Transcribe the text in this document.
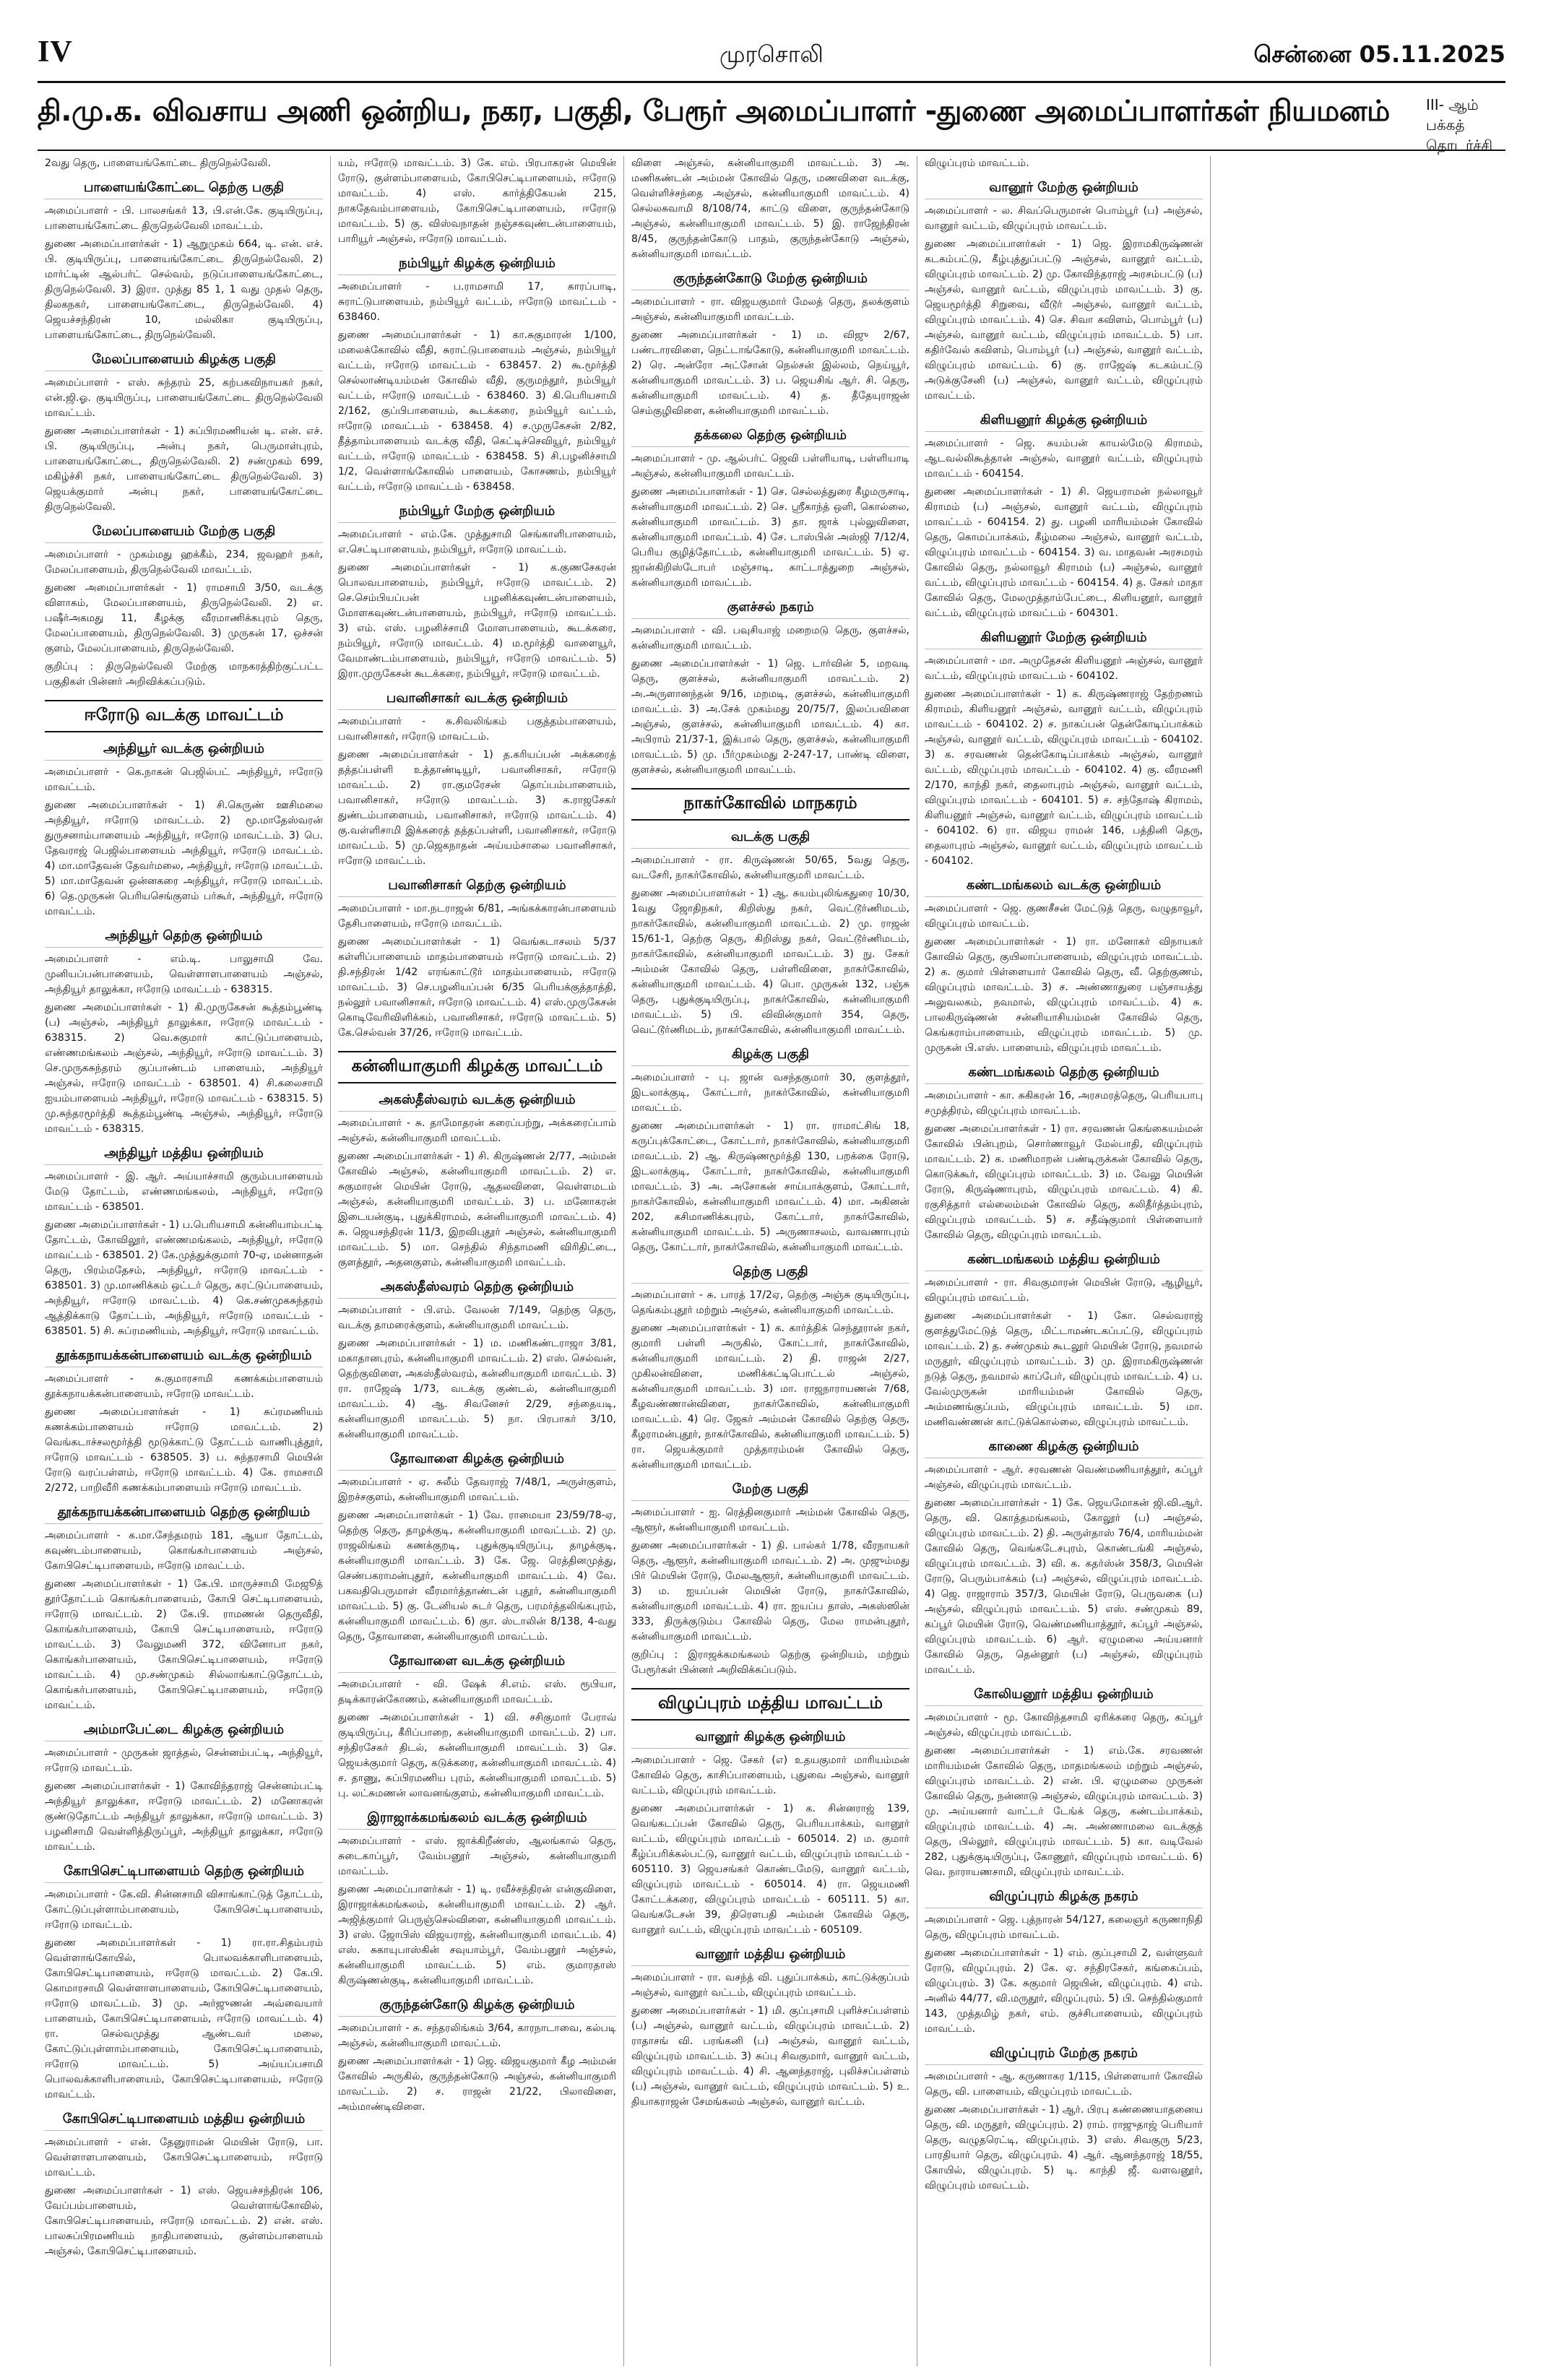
IV	முரசொலி	சென்னை 05.11.2025
தி.மு.க. விவசாய அணி ஒன்றிய, நகர, பகுதி, பேரூர் அமைப்பாளர் -துணை அமைப்பாளர்கள் நியமனம்	III- ஆம் பக்கத் தொடர்ச்சி
2வது தெரு, பாளையங்கோட்டை திருநெல்வேலி.
பாளையங்கோட்டை தெற்கு பகுதி
அமைப்பாளர் - பி. பாலசங்கர் 13, பி.என்.கே. குடியிருப்பு, பாளையங்கோட்டை திருநெல்வேலி மாவட்டம்.
துணை அமைப்பாளர்கள் - 1) ஆறுமுகம் 664, டி. என். எச். பி. குடியிருப்பு, பாளையங்கோட்டை திருநெல்வேலி. 2) மார்ட்டின் ஆல்பர்ட் செல்வம், நடுப்பாளையங்கோட்டை, திருநெல்வேலி. 3) இரா. முத்து 85 1, 1 வது முதல் தெரு, திலகநகர், பாளையங்கோட்டை, திருநெல்வேலி. 4) ஜெயச்சந்திரன் 10, மல்லிகா குடியிருப்பு, பாளையங்கோட்டை, திருநெல்வேலி.
மேலப்பாளையம் கிழக்கு பகுதி
அமைப்பாளர் - எஸ். சுந்தரம் 25, கற்பகவிநாயகர் நகர், என்.ஜி.ஓ. குடியிருப்பு, பாளையங்கோட்டை திருநெல்வேலி மாவட்டம்.
துணை அமைப்பாளர்கள் - 1) சுப்பிரமணியன் டி. என். எச். பி. குடியிருப்பு, அன்பு நகர், பெருமாள்புரம், பாளையங்கோட்டை, திருநெல்வேலி. 2) சண்முகம் 699, மகிழ்ச்சி நகர், பாளையங்கோட்டை திருநெல்வேலி. 3) ஜெயக்குமார் அன்பு நகர், பாளையங்கோட்டை திருநெல்வேலி.
மேலப்பாளையம் மேற்கு பகுதி
அமைப்பாளர் - முகம்மது ஹக்கீம், 234, ஜவஹர் நகர், மேலப்பாளையம், திருநெல்வேலி மாவட்டம்.
துணை அமைப்பாளர்கள் - 1) ராமசாமி 3/50, வடக்கு விளாகம், மேலப்பாளையம், திருநெல்வேலி. 2) எ. பஷீர்அகமது 11, கீழக்கு வீரமாணிக்கபுரம் தெரு, மேலப்பாளையம், திருநெல்வேலி. 3) முருகன் 17, ஒச்சன் குளம், மேலப்பாளையம், திருநெல்வேலி.
குறிப்பு : திருநெல்வேலி மேற்கு மாநகரத்திற்குட்பட்ட பகுதிகள் பின்னர் அறிவிக்கப்படும்.
ஈரோடு வடக்கு மாவட்டம்
அந்தியூர் வடக்கு ஒன்றியம்
அமைப்பாளர் - கெ.நாகன் பெஜில்பட் அந்தியூர், ஈரோடு மாவட்டம்.
துணை அமைப்பாளர்கள் - 1) சி.கெருண் ஊசிமலை அந்தியூர், ஈரோடு மாவட்டம். 2) மூ.மாதேஸ்வரன் துருசனாம்பாளையம் அந்தியூர், ஈரோடு மாவட்டம். 3) பெ. தேவராஜ் பெஜில்பாளையம் அந்தியூர், ஈரோடு மாவட்டம். 4) மா.மாதேவன் தேவர்மலை, அந்தியூர், ஈரோடு மாவட்டம். 5) மா.மாதேவன் ஒன்னகரை அந்தியூர், ஈரோடு மாவட்டம். 6) தெ.முருகன் பெரியசெங்குளம் பர்கூர், அந்தியூர், ஈரோடு மாவட்டம்.
அந்தியூர் தெற்கு ஒன்றியம்
அமைப்பாளர் - எம்.டி. பாலுசாமி வே. முனியப்பன்பாளையம், வெள்ளாளபாளையம் அஞ்சல், அந்தியூர் தாலுக்கா, ஈரோடு மாவட்டம் - 638315.
துணை அமைப்பாளர்கள் - 1) கி.முருகேசன் கூத்தம்பூண்டி (ப) அஞ்சல், அந்தியூர் தாலுக்கா, ஈரோடு மாவட்டம் - 638315. 2) வெ.சுகுமார் காட்டுப்பாளையம், எண்ணமங்கலம் அஞ்சல், அந்தியூர், ஈரோடு மாவட்டம். 3) செ.முருகசுந்தரம் குப்பாண்டம் பாளையம், அந்தியூர் அஞ்சல், ஈரோடு மாவட்டம் - 638501. 4) சி.கலைசாமி ஐயம்பாளையம் அந்தியூர், ஈரோடு மாவட்டம் - 638315. 5) மு.சுந்தரமூர்த்தி கூத்தம்பூண்டி அஞ்சல், அந்தியூர், ஈரோடு மாவட்டம் - 638315.
அந்தியூர் மத்திய ஒன்றியம்
அமைப்பாளர் - இ. ஆர். அய்யாச்சாமி குரும்பபாளையம் மேடு தோட்டம், எண்ணமங்கலம், அந்தியூர், ஈரோடு மாவட்டம் - 638501.
துணை அமைப்பாளர்கள் - 1) ப.பெரியசாமி கன்னியாம்பட்டி தோட்டம், கோவிலூர், எண்ணமங்கலம், அந்தியூர், ஈரோடு மாவட்டம் - 638501. 2) கே.முத்துக்குமார் 70-ஏ, மன்னாதன் தெரு, பிரம்மதேசம், அந்தியூர், ஈரோடு மாவட்டம் - 638501. 3) மு.மாணிக்கம் ஒட்டர் தெரு, கரட்டுப்பாளையம், அந்தியூர், ஈரோடு மாவட்டம். 4) கெ.சண்முகசுந்தரம் ஆத்திக்காடு தோட்டம், அந்தியூர், ஈரோடு மாவட்டம் - 638501. 5) சி. சுப்ரமணியம், அந்தியூர், ஈரோடு மாவட்டம்.
தூக்கநாயக்கன்பாளையம் வடக்கு ஒன்றியம்
அமைப்பாளர் - சு.குமாரசாமி கணக்கம்பாளையம் தூக்கநாயக்கன்பாளையம், ஈரோடு மாவட்டம்.
துணை அமைப்பாளர்கள் - 1) சுப்ரமணியம் கணக்கம்பாளையம் ஈரோடு மாவட்டம். 2) வெங்கடாச்சலமூர்த்தி மூடுக்காட்டு தோட்டம் வாணிபுத்தூர், ஈரோடு மாவட்டம் - 638505. 3) ப. சுந்தரசாமி மெயின் ரோடு வரப்பள்ளம், ஈரோடு மாவட்டம். 4) கே. ராமசாமி 2/272, பாறிவீரி கணக்கம்பாளையம் ஈரோடு மாவட்டம்.
தூக்கநாயக்கன்பாளையம் தெற்கு ஒன்றியம்
அமைப்பாளர் - க.மா.சேந்தமரம் 181, ஆயா தோட்டம், கவுண்டம்பாளையம், கொங்கர்பாளையம் அஞ்சல், கோபிசெட்டிபாளையம், ஈரோடு மாவட்டம்.
துணை அமைப்பாளர்கள் - 1) கே.பி. மாருச்சாமி மேஜூத் தூர்தோட்டம் கொங்கர்பாளையம், கோபி செட்டிபாளையம், ஈரோடு மாவட்டம். 2) கே.பி. ராமணன் தெருவீதி, கொங்கர்பாளையம், கோபி செட்டிபாளையம், ஈரோடு மாவட்டம். 3) வேலுமணி 372, வினோபா நகர், கொங்கர்பாளையம், கோபிசெட்டிபாளையம், ஈரோடு மாவட்டம். 4) மு.சண்முகம் சில்லாங்காட்டுதோட்டம், கொங்கர்பாளையம், கோபிசெட்டிபாளையம், ஈரோடு மாவட்டம்.
அம்மாபேட்டை கிழக்கு ஒன்றியம்
அமைப்பாளர் - முருகன் ஜாத்தல், சென்னம்பட்டி, அந்தியூர், ஈரோடு மாவட்டம்.
துணை அமைப்பாளர்கள் - 1) கோவிந்தராஜ் சென்னம்பட்டி அந்தியூர் தாலுக்கா, ஈரோடு மாவட்டம். 2) மனோகரன் குண்டுதோட்டம் அந்தியூர் தாலுக்கா, ஈரோடு மாவட்டம். 3) பழனிசாமி வெள்ளித்திருப்பூர், அந்தியூர் தாலுக்கா, ஈரோடு மாவட்டம்.
கோபிசெட்டிபாளையம் தெற்கு ஒன்றியம்
அமைப்பாளர் - கே.வி. சின்னசாமி விசாங்காட்டுத் தோட்டம், கோட்டுப்புள்ளாம்பாளையம், கோபிசெட்டிபாளையம், ஈரோடு மாவட்டம்.
துணை அமைப்பாளர்கள் - 1) ரா.ரா.சிதம்பரம் வெள்ளாங்கோயில், பொலவக்காளிபாளையம், கோபிசெட்டிபாளையம், ஈரோடு மாவட்டம். 2) கே.பி. கொமாரசாமி வெள்ளாளபாளையம், கோபிசெட்டிபாளையம், ஈரோடு மாவட்டம். 3) மு. அர்ஜுணன் அவ்வையார் பாளையம், கோபிசெட்டிபாளையம், ஈரோடு மாவட்டம். 4) ரா. செல்வமுத்து ஆண்டவர் மலை, கோட்டுப்புள்ளாம்பாளையம், கோபிசெட்டிபாளையம், ஈரோடு மாவட்டம். 5) அய்யப்பசாமி பொலவக்காளிபாளையம், கோபிசெட்டிபாளையம், ஈரோடு மாவட்டம்.
கோபிசெட்டிபாளையம் மத்திய ஒன்றியம்
அமைப்பாளர் - என். தேனுராமன் மெயின் ரோடு, பா. வெள்ளாளபாளையம், கோபிசெட்டிபாளையம், ஈரோடு மாவட்டம்.
துணை அமைப்பாளர்கள் - 1) எஸ். ஜெயச்சந்திரன் 106, வேப்பம்பாளையம், வெள்ளாங்கோவில், கோபிசெட்டிபாளையம், ஈரோடு மாவட்டம். 2) என். எஸ். பாலசுப்பிரமணியம் நாதிபாளையம், குள்ளம்பாளையம் அஞ்சல், கோபிசெட்டிபாளையம்.
யம், ஈரோடு மாவட்டம். 3) கே. எம். பிரபாகரன் மெயின் ரோடு, குள்ளம்பாளையம், கோபிசெட்டிபாளையம், ஈரோடு மாவட்டம். 4) எஸ். கார்த்திகேயன் 215, நாகதேவம்பாளையம், கோபிசெட்டிபாளையம், ஈரோடு மாவட்டம். 5) கு. விஸ்வநாதன் நஞ்சகவுண்டன்பாளையம், பாரியூர் அஞ்சல், ஈரோடு மாவட்டம்.
நம்பியூர் கிழக்கு ஒன்றியம்
அமைப்பாளர் - ப.ராமசாமி 17, காரப்பாடி, சுராட்டுபாளையம், நம்பியூர் வட்டம், ஈரோடு மாவட்டம் - 638460.
துணை அமைப்பாளர்கள் - 1) கா.சுகுமாரன் 1/100, மலைக்கோவில் வீதி, சுராட்டுபாளையம் அஞ்சல், நம்பியூர் வட்டம், ஈரோடு மாவட்டம் - 638457. 2) கூ.மூர்த்தி செல்லாண்டியம்மன் கோவில் வீதி, குருமந்தூர், நம்பியூர் வட்டம், ஈரோடு மாவட்டம் - 638460. 3) கி.பெரியசாமி 2/162, குப்பிபாளையம், கூடக்கரை, நம்பியூர் வட்டம், ஈரோடு மாவட்டம் - 638458. 4) ச.முருகேசன் 2/82, தீத்தாம்பாளையம் வடக்கு வீதி, கெட்டிச்செவியூர், நம்பியூர் வட்டம், ஈரோடு மாவட்டம் - 638458. 5) சி.பழனிச்சாமி 1/2, வெள்ளாங்கோவில் பாளையம், கோசணம், நம்பியூர் வட்டம், ஈரோடு மாவட்டம் - 638458.
நம்பியூர் மேற்கு ஒன்றியம்
அமைப்பாளர் - எம்.கே. முத்துசாமி செங்காளிபாளையம், எ.செட்டிபாளையம், நம்பியூர், ஈரோடு மாவட்டம்.
துணை அமைப்பாளர்கள் - 1) க.குணசேகரன் பொலவபாளையம், நம்பியூர், ஈரோடு மாவட்டம். 2) செ.செம்பியப்பன் பழனிக்கவுண்டன்பாளையம், மோளகவுண்டன்பாளையம், நம்பியூர், ஈரோடு மாவட்டம். 3) எம். எஸ். பழனிச்சாமி மோளபாளையம், கூடக்கரை, நம்பியூர், ஈரோடு மாவட்டம். 4) ம.மூர்த்தி வாளையூர், வேமாண்டம்பாளையம், நம்பியூர், ஈரோடு மாவட்டம். 5) இரா.முருகேசன் கூடக்கரை, நம்பியூர், ஈரோடு மாவட்டம்.
பவானிசாகர் வடக்கு ஒன்றியம்
அமைப்பாளர் - சு.சிவலிங்கம் பகுத்தம்பாளையம், பவானிசாகர், ஈரோடு மாவட்டம்.
துணை அமைப்பாளர்கள் - 1) த.கரியப்பன் அக்கரைத் தத்தப்பள்ளி உத்தாண்டியூர், பவானிசாகர், ஈரோடு மாவட்டம். 2) ரா.குமரேசன் தொப்பம்பாளையம், பவானிசாகர், ஈரோடு மாவட்டம். 3) க.ராஜசேகர் துண்டம்பாளையம், பவானிசாகர், ஈரோடு மாவட்டம். 4) கு.வள்ளிசாமி இக்கரைத் தத்தப்பள்ளி, பவானிசாகர், ஈரோடு மாவட்டம். 5) மு.ஜெகநாதன் அய்யம்சாலை பவானிசாகர், ஈரோடு மாவட்டம்.
பவானிசாகர் தெற்கு ஒன்றியம்
அமைப்பாளர் - மா.நடராஜன் 6/81, அங்கக்காரன்பாளையம் தேசிபாளையம், ஈரோடு மாவட்டம்.
துணை அமைப்பாளர்கள் - 1) வெங்கடாசலம் 5/37 கள்ளிப்பாளையம் மாதம்பாளையம் ஈரோடு மாவட்டம். 2) தி.சந்திரன் 1/42 எரங்காட்டூர் மாதம்பாளையம், ஈரோடு மாவட்டம். 3) செ.பழனியப்பன் 6/35 பெரியக்குத்தாத்தி, நல்லூர் பவானிசாகர், ஈரோடு மாவட்டம். 4) எஸ்.முருகேசன் கொடிவேரிவிளிக்கம், பவானிசாகர், ஈரோடு மாவட்டம். 5) கே.செல்வன் 37/26, ஈரோடு மாவட்டம்.
கன்னியாகுமரி கிழக்கு மாவட்டம்
அகஸ்தீஸ்வரம் வடக்கு ஒன்றியம்
அமைப்பாளர் - சு. தாமோதரன் கரைப்பற்று, அக்கரைப்பாம் அஞ்சல், கன்னியாகுமரி மாவட்டம்.
துணை அமைப்பாளர்கள் - 1) சி. கிருஷ்ணன் 2/77, அம்மன் கோவில் அஞ்சல், கன்னியாகுமரி மாவட்டம். 2) எ. சுகுமாரன் மெயின் ரோடு, ஆதலவிளை, வெள்ளமடம் அஞ்சல், கன்னியாகுமரி மாவட்டம். 3) ப. மனோகரன் இடையன்குடி, புதுக்கிராமம், கன்னியாகுமரி மாவட்டம். 4) சு. ஜெயசந்திரன் 11/3, இறவிபுதூர் அஞ்சல், கன்னியாகுமரி மாவட்டம். 5) மா. செந்தில் சிந்தாமணி விரிதிட்டை, குளத்தூர், அதனகுளம், கன்னியாகுமரி மாவட்டம்.
அகஸ்தீஸ்வரம் தெற்கு ஒன்றியம்
அமைப்பாளர் - பி.எம். வேலன் 7/149, தெற்கு தெரு, வடக்கு தாமரைக்குளம், கன்னியாகுமரி மாவட்டம்.
துணை அமைப்பாளர்கள் - 1) ம. மணிகண்டராஜா 3/81, மகாதானபுரம், கன்னியாகுமரி மாவட்டம். 2) எஸ். செல்வன், தெற்குவிளை, அகஸ்தீஸ்வரம், கன்னியாகுமரி மாவட்டம். 3) ரா. ராஜேஷ் 1/73, வடக்கு குண்டல், கன்னியாகுமரி மாவட்டம். 4) ஆ. சிவனேசர் 2/29, சந்தையடி, கன்னியாகுமரி மாவட்டம். 5) நா. பிரபாகர் 3/10, கன்னியாகுமரி மாவட்டம்.
தோவாளை கிழக்கு ஒன்றியம்
அமைப்பாளர் - ஏ. சுலீம் தேவராஜ் 7/48/1, அருள்குளம், இறச்சகுளம், கன்னியாகுமரி மாவட்டம்.
துணை அமைப்பாளர்கள் - 1) வே. ராமையா 23/59/78-ஏ, தெற்கு தெரு, தாழக்குடி, கன்னியாகுமரி மாவட்டம். 2) மு. ராஜலிங்கம் கணக்குறடி, புதுக்குடியிருப்பு, தாழக்குடி, கன்னியாகுமரி மாவட்டம். 3) கே. ஜே. ரெத்தினமுத்து, செண்பகராமன்புதூர், கன்னியாகுமரி மாவட்டம். 4) வே. பகவதிபெருமாள் வீரமார்த்தாண்டன் புதூர், கன்னியாகுமரி மாவட்டம். 5) கு. டேனியல் சுடர் தெரு, பரமர்த்தலிங்கபுரம், கன்னியாகுமரி மாவட்டம். 6) குா. ஸ்டாலின் 8/138, 4-வது தெரு, தோவாளை, கன்னியாகுமரி மாவட்டம்.
தோவாளை வடக்கு ஒன்றியம்
அமைப்பாளர் - வி. ஷேக் சி.எம். எஸ். ரூபியா, தடிக்காரன்கோணம், கன்னியாகுமரி மாவட்டம்.
துணை அமைப்பாளர்கள் - 1) வி. சசிகுமார் பேராவ் குடியிருப்பு, கீரிப்பாறை, கன்னியாகுமரி மாவட்டம். 2) பா. சந்திரசேகர் திடல், கன்னியாகுமரி மாவட்டம். 3) செ. ஜெயக்குமார் தெரு, கடுக்கரை, கன்னியாகுமரி மாவட்டம். 4) ச. தாணு, சுப்பிரமணிய புரம், கன்னியாகுமரி மாவட்டம். 5) பு. லட்சுமணன் லாவனங்குளம், கன்னியாகுமரி மாவட்டம்.
இராஜாக்கமங்கலம் வடக்கு ஒன்றியம்
அமைப்பாளர் - எஸ். ஜாக்கிறீண்ஸ், ஆலங்கால் தெரு, சுடைகாப்பூர், வேம்பனூர் அஞ்சல், கன்னியாகுமரி மாவட்டம்.
துணை அமைப்பாளர்கள் - 1) டி. ரவீச்சந்திரன் என்குவிளை, இராஜாக்கமங்கலம், கன்னியாகுமரி மாவட்டம். 2) ஆர். அஜித்குமார் பெருஞ்செல்விளை, கன்னியாகுமரி மாவட்டம். 3) எஸ். ஜோபிஸ் விஜயராஜ், கன்னியாகுமரி மாவட்டம். 4) எஸ். சுகாயுபாஸ்கின் சவுயாம்பூர், வேம்பனூர் அஞ்சல், கன்னியாகுமரி மாவட்டம். 5) எம். குமாரதாஸ் கிருஷ்ணன்குடி, கன்னியாகுமரி மாவட்டம்.
குருந்தன்கோடு கிழக்கு ஒன்றியம்
அமைப்பாளர் - சு. சந்தரலிங்கம் 3/64, காரநாடாவை, கல்படி அஞ்சல், கன்னியாகுமரி மாவட்டம்.
துணை அமைப்பாளர்கள் - 1) ஜெ. விஜயகுமார் கீழ அம்மன் கோவில் அருகில், குருந்தன்கோடு அஞ்சல், கன்னியாகுமரி மாவட்டம். 2) ச. ராஜன் 21/22, பிலாவிளை, அம்மாண்டிவிளை.
விளை அஞ்சல், கன்னியாகுமரி மாவட்டம். 3) அ. மணிகண்டன் அம்மன் கோவில் தெரு, மணவிளை வடக்கு, வெள்ளிச்சந்தை அஞ்சல், கன்னியாகுமரி மாவட்டம். 4) செல்லசுவாமி 8/108/74, காட்டு விளை, குருந்தன்கோடு அஞ்சல், கன்னியாகுமரி மாவட்டம். 5) இ. ராஜேந்திரன் 8/45, குருந்தன்கோடு பாதம், குருந்தன்கோடு அஞ்சல், கன்னியாகுமரி மாவட்டம்.
குருந்தன்கோடு மேற்கு ஒன்றியம்
அமைப்பாளர் - ரா. விஜயகுமார் மேலத் தெரு, தலக்குளம் அஞ்சல், கன்னியாகுமரி மாவட்டம்.
துணை அமைப்பாளர்கள் - 1) ம. விஜு 2/67, பண்டாரவிளை, நெட்டாங்கோடு, கன்னியாகுமரி மாவட்டம். 2) ரெ. அன்ரோ அட்சோன் நெல்சன் இல்லம், நெய்யூர், கன்னியாகுமரி மாவட்டம். 3) ப. ஜெயசிங் ஆர். சி. தெரு, கன்னியாகுமரி மாவட்டம். 4) த. தீதேயுராஜன் செம்குழிவிளை, கன்னியாகுமரி மாவட்டம்.
தக்கலை தெற்கு ஒன்றியம்
அமைப்பாளர் - மு. ஆல்பர்ட் ஜெவி பள்ளியாடி, பள்ளியாடி அஞ்சல், கன்னியாகுமரி மாவட்டம்.
துணை அமைப்பாளர்கள் - 1) செ. செல்லத்துரை கீழமருசாடி, கன்னியாகுமரி மாவட்டம். 2) செ. ஸ்ரீகாந்த் ஒளி, கொல்லை, கன்னியாகுமரி மாவட்டம். 3) தா. ஜாக் புல்லுவிளை, கன்னியாகுமரி மாவட்டம். 4) சே. டாஸ்பின் அஸ்ஜி 7/12/4, பெரிய குழித்தோட்டம், கன்னியாகுமரி மாவட்டம். 5) ஏ. ஜான்கிறிஸ்டோபர் மஞ்சாடி, காட்டாத்துறை அஞ்சல், கன்னியாகுமரி மாவட்டம்.
குளச்சல் நகரம்
அமைப்பாளர் - வி. பவுசியாஜ் மறைமடு தெரு, குளச்சல், கன்னியாகுமரி மாவட்டம்.
துணை அமைப்பாளர்கள் - 1) ஜெ. டார்வின் 5, மறவடி தெரு, குளச்சல், கன்னியாகுமரி மாவட்டம். 2) அ.அருளானந்தன் 9/16, மறமடி, குளச்சல், கன்னியாகுமரி மாவட்டம். 3) அ.சேக் முகம்மது 20/75/7, இலப்பவிளை அஞ்சல், குளச்சல், கன்னியாகுமரி மாவட்டம். 4) கா. அபிராம் 21/37-1, இக்பால் தெரு, குளச்சல், கன்னியாகுமரி மாவட்டம். 5) மு. பீர்முகம்மது 2-247-17, பாண்டி விளை, குளச்சல், கன்னியாகுமரி மாவட்டம்.
நாகர்கோவில் மாநகரம்
வடக்கு பகுதி
அமைப்பாளர் - ரா. கிருஷ்ணன் 50/65, 5வது தெரு, வடசேரி, நாகர்கோவில், கன்னியாகுமரி மாவட்டம்.
துணை அமைப்பாளர்கள் - 1) ஆ. சுயம்புலிங்கதுரை 10/30, 1வது ஜோதிநகர், கிறிஸ்து நகர், வெட்டூர்ணிமடம், நாகர்கோவில், கன்னியாகுமரி மாவட்டம். 2) மு. ராஜன் 15/61-1, தெற்கு தெரு, கிறிஸ்து நகர், வெட்டூர்ணிமடம், நாகர்கோவில், கன்னியாகுமரி மாவட்டம். 3) நு. சேகர் அம்மன் கோவில் தெரு, பள்ளிவிளை, நாகர்கோவில், கன்னியாகுமரி மாவட்டம். 4) பொ. முருகன் 132, பஞ்சு தெரு, புதுக்குடியிருப்பு, நாகர்கோவில், கன்னியாகுமரி மாவட்டம். 5) பி. விவின்குமார் 354, தெரு, வெட்டூர்ணிமடம், நாகர்கோவில், கன்னியாகுமரி மாவட்டம்.
கிழக்கு பகுதி
அமைப்பாளர் - பு. ஜான் வசந்தகுமார் 30, குளத்தூர், இடலாக்குடி, கோட்டார், நாகர்கோவில், கன்னியாகுமரி மாவட்டம்.
துணை அமைப்பாளர்கள் - 1) ரா. ராமாட்சிங் 18, கருப்புக்கோட்டை, கோட்டார், நாகர்கோவில், கன்னியாகுமரி மாவட்டம். 2) ஆ. கிருஷ்ணமூர்த்தி 130, பறக்கை ரோடு, இடலாக்குடி, கோட்டார், நாகர்கோவில், கன்னியாகுமரி மாவட்டம். 3) அ. அசோகன் சாய்பாக்குளம், கோட்டார், நாகர்கோவில், கன்னியாகுமரி மாவட்டம். 4) மா. அகினன் 202, கசிமாணிக்கபுரம், கோட்டார், நாகர்கோவில், கன்னியாகுமரி மாவட்டம். 5) அருணாசலம், வாவணாபுரம் தெரு, கோட்டார், நாகர்கோவில், கன்னியாகுமரி மாவட்டம்.
தெற்கு பகுதி
அமைப்பாளர் - சு. பாரத் 17/2ஏ, தெற்கு அஞ்சு குடியிருப்பு, தெங்கம்புதூர் மற்றும் அஞ்சல், கன்னியாகுமரி மாவட்டம்.
துணை அமைப்பாளர்கள் - 1) க. கார்த்திக் செந்தூரான் நகர், குமாரி பள்ளி அருகில், கோட்டார், நாகர்கோவில், கன்னியாகுமரி மாவட்டம். 2) தி. ராஜன் 2/27, முகிலன்விளை, மணிக்கட்டிபொட்டல் அஞ்சல், கன்னியாகுமரி மாவட்டம். 3) மா. ராஜநாராயணன் 7/68, கீழவண்ணான்விளை, நாகர்கோவில், கன்னியாகுமரி மாவட்டம். 4) ரெ. ஜேகர் அம்மன் கோவில் தெற்கு தெரு, கீழராமன்புதூர், நாகர்கோவில், கன்னியாகுமரி மாவட்டம். 5) ரா. ஜெயக்குமார் முத்தாரம்மன் கோவில் தெரு, கன்னியாகுமரி மாவட்டம்.
மேற்கு பகுதி
அமைப்பாளர் - ஐ. ரெத்தினகுமார் அம்மன் கோவில் தெரு, ஆளூர், கன்னியாகுமரி மாவட்டம்.
துணை அமைப்பாளர்கள் - 1) தி. பால்கர் 1/78, வீரநாயகர் தெரு, ஆளூர், கன்னியாகுமரி மாவட்டம். 2) அ. முஜும்மது பிர் மெயின் ரோடு, மேலஆளூர், கன்னியாகுமரி மாவட்டம். 3) ம. ஐயப்பன் மெயின் ரோடு, நாகர்கோவில், கன்னியாகுமரி மாவட்டம். 4) ரா. ஐயப்ப தாஸ், அகஸ்ஸின் 333, திருக்குடும்ப கோவில் தெரு, மேல ராமன்புதூர், கன்னியாகுமரி மாவட்டம்.
குறிப்பு : இராஜக்கமங்கலம் தெற்கு ஒன்றியம், மற்றும் பேரூர்கள் பின்னர் அறிவிக்கப்படும்.
விழுப்புரம் மத்திய மாவட்டம்
வானூர் கிழக்கு ஒன்றியம்
அமைப்பாளர் - ஜெ. சேகர் (எ) உதயகுமார் மாரியம்மன் கோவில் தெரு, காசிப்பாளையம், புதுவை அஞ்சல், வானூர் வட்டம், விழுப்புரம் மாவட்டம்.
துணை அமைப்பாளர்கள் - 1) க. சின்னராஜ் 139, வெங்கடப்பன் கோவில் தெரு, பெரியபாக்கம், வானூர் வட்டம், விழுப்புரம் மாவட்டம் - 605014. 2) ம. குமார் கீழ்ப்பரிக்கல்பட்டு, வானூர் வட்டம், விழுப்புரம் மாவட்டம் - 605110. 3) ஜெயசங்கர் கொண்டமேடு, வானூர் வட்டம், விழுப்புரம் மாவட்டம் - 605014. 4) ரா. ஜெயமணி கோட்டக்கரை, விழுப்புரம் மாவட்டம் - 605111. 5) கா. வெங்கடேசன் 39, திரௌபதி அம்மன் கோவில் தெரு, வானூர் வட்டம், விழுப்புரம் மாவட்டம் - 605109.
வானூர் மத்திய ஒன்றியம்
அமைப்பாளர் - ரா. வசந்த் வி. புதுப்பாக்கம், காட்டுக்குப்பம் அஞ்சல், வானூர் வட்டம், விழுப்புரம் மாவட்டம்.
துணை அமைப்பாளர்கள் - 1) மி. குப்புசாமி புளிச்சப்பள்ளம் (ப) அஞ்சல், வானூர் வட்டம், விழுப்புரம் மாவட்டம். 2) ராதாசங் வி. பரங்கனி (ப) அஞ்சல், வானூர் வட்டம், விழுப்புரம் மாவட்டம். 3) சுப்பு சிவகுமார், வானூர் வட்டம், விழுப்புரம் மாவட்டம். 4) சி. ஆனந்தராஜ், புலிச்சப்பள்ளம் (ப) அஞ்சல், வானூர் வட்டம், விழுப்புரம் மாவட்டம். 5) உ. தியாகராஜன் சேமங்கலம் அஞ்சல், வானூர் வட்டம்.
விழுப்புரம் மாவட்டம்.
வானூர் மேற்கு ஒன்றியம்
அமைப்பாளர் - ல. சிவப்பெருமான் பொம்பூர் (ப) அஞ்சல், வானூர் வட்டம், விழுப்புரம் மாவட்டம்.
துணை அமைப்பாளர்கள் - 1) ஜெ. இராமகிருஷ்ணன் கடகம்பட்டு, கீழ்புத்துப்பட்டு அஞ்சல், வானூர் வட்டம், விழுப்புரம் மாவட்டம். 2) மு. கோவிந்தராஜ் அரசம்பட்டு (ப) அஞ்சல், வானூர் வட்டம், விழுப்புரம் மாவட்டம். 3) கு. ஜெயமூர்த்தி சிறுவை, வீடூர் அஞ்சல், வானூர் வட்டம், விழுப்புரம் மாவட்டம். 4) செ. சிவா கவிளம், பொம்பூர் (ப) அஞ்சல், வானூர் வட்டம், விழுப்புரம் மாவட்டம். 5) பா. கதிர்வேல் கவிளம், பொம்பூர் (ப) அஞ்சல், வானூர் வட்டம், விழுப்புரம் மாவட்டம். 6) கு. ராஜேஷ் கடகம்பட்டு அடுக்குசேனி (ப) அஞ்சல், வானூர் வட்டம், விழுப்புரம் மாவட்டம்.
கிளியனூர் கிழக்கு ஒன்றியம்
அமைப்பாளர் - ஜெ. சுயம்பன் காயல்மேடு கிராமம், ஆடவல்லிகூத்தான் அஞ்சல், வானூர் வட்டம், விழுப்புரம் மாவட்டம் - 604154.
துணை அமைப்பாளர்கள் - 1) சி. ஜெயராமன் நல்லாவூர் கிராமம் (ப) அஞ்சல், வானூர் வட்டம், விழுப்புரம் மாவட்டம் - 604154. 2) து. பழனி மாரியம்மன் கோவில் தெரு, கொமப்பாக்கம், கீழ்மலை அஞ்சல், வானூர் வட்டம், விழுப்புரம் மாவட்டம் - 604154. 3) வ. மாதவன் அரசமரம் கோவில் தெரு, நல்லாவூர் கிராமம் (ப) அஞ்சல், வானூர் வட்டம், விழுப்புரம் மாவட்டம் - 604154. 4) த. சேகர் மாதா கோவில் தெரு, மேலமுத்தாம்பேட்டை, கிளியனூர், வானூர் வட்டம், விழுப்புரம் மாவட்டம் - 604301.
கிளியனூர் மேற்கு ஒன்றியம்
அமைப்பாளர் - மா. அமுதேசன் கிளியனூர் அஞ்சல், வானூர் வட்டம், விழுப்புரம் மாவட்டம் - 604102.
துணை அமைப்பாளர்கள் - 1) க. கிருஷ்ணராஜ் தேற்றணம் கிராமம், கிளியனூர் அஞ்சல், வானூர் வட்டம், விழுப்புரம் மாவட்டம் - 604102. 2) ச. நாகப்பன் தென்கோடிப்பாக்கம் அஞ்சல், வானூர் வட்டம், விழுப்புரம் மாவட்டம் - 604102. 3) க. சரவணன் தென்கோடிப்பாக்கம் அஞ்சல், வானூர் வட்டம், விழுப்புரம் மாவட்டம் - 604102. 4) கு. வீரமணி 2/170, காந்தி நகர், தைலாபுரம் அஞ்சல், வானூர் வட்டம், விழுப்புரம் மாவட்டம் - 604101. 5) ச. சந்தோஷ் கிராமம், கிளியனூர் அஞ்சல், வானூர் வட்டம், விழுப்புரம் மாவட்டம் - 604102. 6) ரா. விஜய ராமன் 146, பத்தினி தெரு, தைலாபுரம் அஞ்சல், வானூர் வட்டம், விழுப்புரம் மாவட்டம் - 604102.
கண்டமங்கலம் வடக்கு ஒன்றியம்
அமைப்பாளர் - ஜெ. குணசீசன் மேட்டுத் தெரு, வழுதாவூர், விழுப்புரம் மாவட்டம்.
துணை அமைப்பாளர்கள் - 1) ரா. மனோகர் விநாயகர் கோவில் தெரு, குயிலாப்பாளையம், விழுப்புரம் மாவட்டம். 2) க. குமார் பிள்ளையார் கோவில் தெரு, வீ. தெற்குணம், விழுப்புரம் மாவட்டம். 3) ச. அண்ணாதுரை பஞ்சாயத்து அலுவலகம், நவமால், விழுப்புரம் மாவட்டம். 4) சு. பாலகிருஷ்ணன் சன்னியாசியம்மன் கோவில் தெரு, கெங்கராம்பாளையம், விழுப்புரம் மாவட்டம். 5) மு. முருகன் பி.எஸ். பாளையம், விழுப்புரம் மாவட்டம்.
கண்டமங்கலம் தெற்கு ஒன்றியம்
அமைப்பாளர் - கா. சுகிகரன் 16, அரசமரத்தெரு, பெரியபாபு சமுத்திரம், விழுப்புரம் மாவட்டம்.
துணை அமைப்பாளர்கள் - 1) ரா. சரவணன் கெங்கையம்மன் கோவில் பின்புறம், சொர்ணாவூர் மேல்பாதி, விழுப்புரம் மாவட்டம். 2) க. மணிமாறன் பண்டிருக்கன் கோவில் தெரு, கொடுக்கூர், விழுப்புரம் மாவட்டம். 3) ம. வேலு மெயின் ரோடு, கிருஷ்ணாபுரம், விழுப்புரம் மாவட்டம். 4) கி. ரகுசித்தார் எல்லைம்மன் கோவில் தெரு, கலிதீர்த்தம்புரம், விழுப்புரம் மாவட்டம். 5) ச. சதீஷ்குமார் பிள்ளையார் கோவில் தெரு, விழுப்புரம் மாவட்டம்.
கண்டமங்கலம் மத்திய ஒன்றியம்
அமைப்பாளர் - ரா. சிவகுமாரன் மெயின் ரோடு, ஆழியூர், விழுப்புரம் மாவட்டம்.
துணை அமைப்பாளர்கள் - 1) கோ. செல்வராஜ் குளத்துமேட்டுத் தெரு, மிட்டாமண்டகப்பட்டு, விழுப்புரம் மாவட்டம். 2) த. சண்முகம் கூடலூர் மெயின் ரோடு, நவமால் மருதூர், விழுப்புரம் மாவட்டம். 3) மு. இராமகிருஷ்ணன் நடுத் தெரு, நவமால் காப்பேர், விழுப்புரம் மாவட்டம். 4) ப. வேல்முருகன் மாரியம்மன் கோவில் தெரு, அம்மணங்குப்பம், விழுப்புரம் மாவட்டம். 5) மா. மணிவண்ணன் காட்டுக்கொல்லை, விழுப்புரம் மாவட்டம்.
காணை கிழக்கு ஒன்றியம்
அமைப்பாளர் - ஆர். சரவணன் வெண்மணியாத்தூர், கப்பூர் அஞ்சல், விழுப்புரம் மாவட்டம்.
துணை அமைப்பாளர்கள் - 1) கே. ஜெயமோகன் ஜி.வி.ஆர். தெரு, வி. கொத்தமங்கலம், கோலூர் (ப) அஞ்சல், விழுப்புரம் மாவட்டம். 2) தி. அருள்தாஸ் 76/4, மாரியம்மன் கோவில் தெரு, வெங்கடேசபுரம், கொண்டங்கி அஞ்சல், விழுப்புரம் மாவட்டம். 3) வி. க. கதர்ஸ்ன் 358/3, மெயின் ரோடு, பெரும்பாக்கம் (ப) அஞ்சல், விழுப்புரம் மாவட்டம். 4) ஜெ. ராஜாராம் 357/3, மெயின் ரோடு, பெருவகை (ப) அஞ்சல், விழுப்புரம் மாவட்டம். 5) எஸ். சண்முகம் 89, கப்பூர் மெயின் ரோடு, வெண்மணியாத்தூர், கப்பூர் அஞ்சல், விழுப்புரம் மாவட்டம். 6) ஆர். ஏழுமலை அய்யனார் கோவில் தெரு, தென்னூர் (ப) அஞ்சல், விழுப்புரம் மாவட்டம்.
கோலியனூர் மத்திய ஒன்றியம்
அமைப்பாளர் - மூ. கோவிந்தசாமி ஏரிக்கரை தெரு, கப்பூர் அஞ்சல், விழுப்புரம் மாவட்டம்.
துணை அமைப்பாளர்கள் - 1) எம்.கே. சரவணன் மாரியம்மன் கோவில் தெரு, மாதமங்கலம் மற்றும் அஞ்சல், விழுப்புரம் மாவட்டம். 2) என். பி. ஏழுமலை முருகன் கோவில் தெரு, நன்னாடு அஞ்சல், விழுப்புரம் மாவட்டம். 3) மு. அய்யனார் வாட்டர் டேங்க் தெரு, கண்டம்பாக்கம், விழுப்புரம் மாவட்டம். 4) அ. அண்ணாமலை வடக்குத் தெரு, பில்லூர், விழுப்புரம் மாவட்டம். 5) கா. வடிவேல் 282, புதுக்குடியிருப்பு, கோணூர், விழுப்புரம் மாவட்டம். 6) வெ. நாராயணசாமி, விழுப்புரம் மாவட்டம்.
விழுப்புரம் கிழக்கு நகரம்
அமைப்பாளர் - ஜெ. புத்நாரன் 54/127, கலைஞர் கருணாநிதி தெரு, விழுப்புரம் மாவட்டம்.
துணை அமைப்பாளர்கள் - 1) எம். குப்புசாமி 2, வள்ளுவர் ரோடு, விழுப்புரம். 2) கே. ஏ. சந்திரசேகர், கங்கைப்பம், விழுப்புரம். 3) கே. சுகுமார் ஜெயின், விழுப்புரம். 4) எம். அனில் 44/77, வி.மருதூர், விழுப்புரம். 5) பி. செந்தில்குமார் 143, முத்தமிழ் நகர், எம். குச்சிபாளையம், விழுப்புரம் மாவட்டம்.
விழுப்புரம் மேற்கு நகரம்
அமைப்பாளர் - ஆ. கருணாகர 1/115, பிள்ளையார் கோவில் தெரு, வி. பாளையம், விழுப்புரம் மாவட்டம்.
துணை அமைப்பாளர்கள் - 1) ஆர். பிரபு கண்ணையாதனைய தெரு, வி. மருதூர், விழுப்புரம். 2) ராம். ராஜுதாஜ் பெரியார் தெரு, வழுதரெட்டி, விழுப்புரம். 3) எஸ். சிவகுரு 5/23, பாரதியார் தெரு, விழுப்புரம். 4) ஆர். ஆனந்தராஜ் 18/55, கோயில், விழுப்புரம். 5) டி. காந்தி ஜீ. வளவனூர், விழுப்புரம் மாவட்டம்.
